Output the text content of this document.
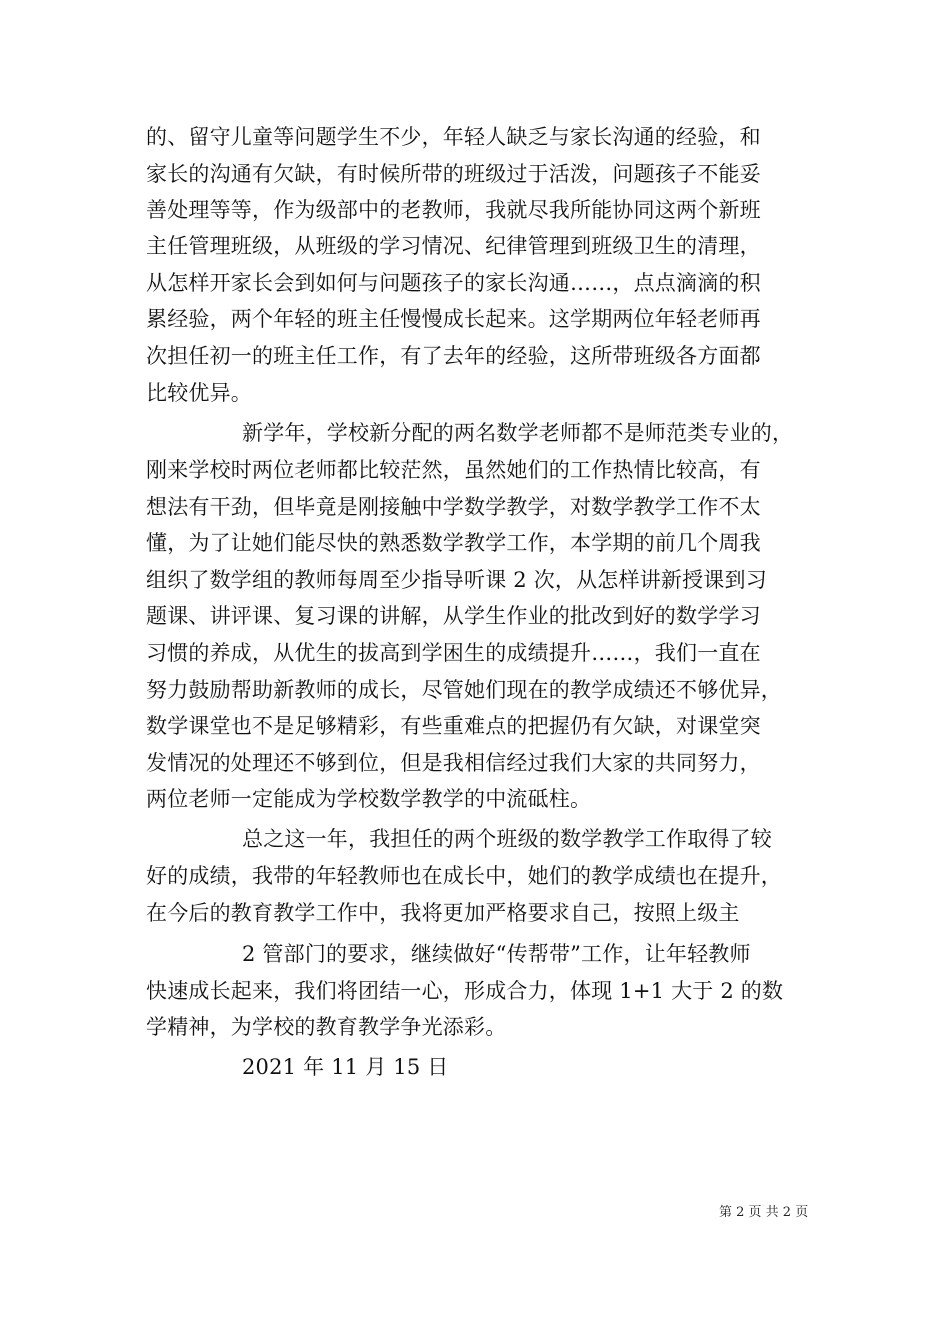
的、留守儿童等问题学生不少，年轻人缺乏与家长沟通的经验，和
家长的沟通有欠缺，有时候所带的班级过于活泼，问题孩子不能妥
善处理等等，作为级部中的老教师，我就尽我所能协同这两个新班
主任管理班级，从班级的学习情况、纪律管理到班级卫生的清理，
从怎样开家长会到如何与问题孩子的家长沟通……，点点滴滴的积
累经验，两个年轻的班主任慢慢成长起来。这学期两位年轻老师再
次担任初一的班主任工作，有了去年的经验，这所带班级各方面都
比较优异。
新学年，学校新分配的两名数学老师都不是师范类专业的，
刚来学校时两位老师都比较茫然，虽然她们的工作热情比较高，有
想法有干劲，但毕竟是刚接触中学数学教学，对数学教学工作不太
懂，为了让她们能尽快的熟悉数学教学工作，本学期的前几个周我
组织了数学组的教师每周至少指导听课 2 次，从怎样讲新授课到习
题课、讲评课、复习课的讲解，从学生作业的批改到好的数学学习
习惯的养成，从优生的拔高到学困生的成绩提升……，我们一直在
努力鼓励帮助新教师的成长，尽管她们现在的教学成绩还不够优异，
数学课堂也不是足够精彩，有些重难点的把握仍有欠缺，对课堂突
发情况的处理还不够到位，但是我相信经过我们大家的共同努力，
两位老师一定能成为学校数学教学的中流砥柱。
总之这一年，我担任的两个班级的数学教学工作取得了较
好的成绩，我带的年轻教师也在成长中，她们的教学成绩也在提升，
在今后的教育教学工作中，我将更加严格要求自己，按照上级主
2 管部门的要求，继续做好“传帮带”工作，让年轻教师
快速成长起来，我们将团结一心，形成合力，体现 1+1 大于 2 的数
学精神，为学校的教育教学争光添彩。
2021 年 11 月 15 日
第 2 页 共 2 页
